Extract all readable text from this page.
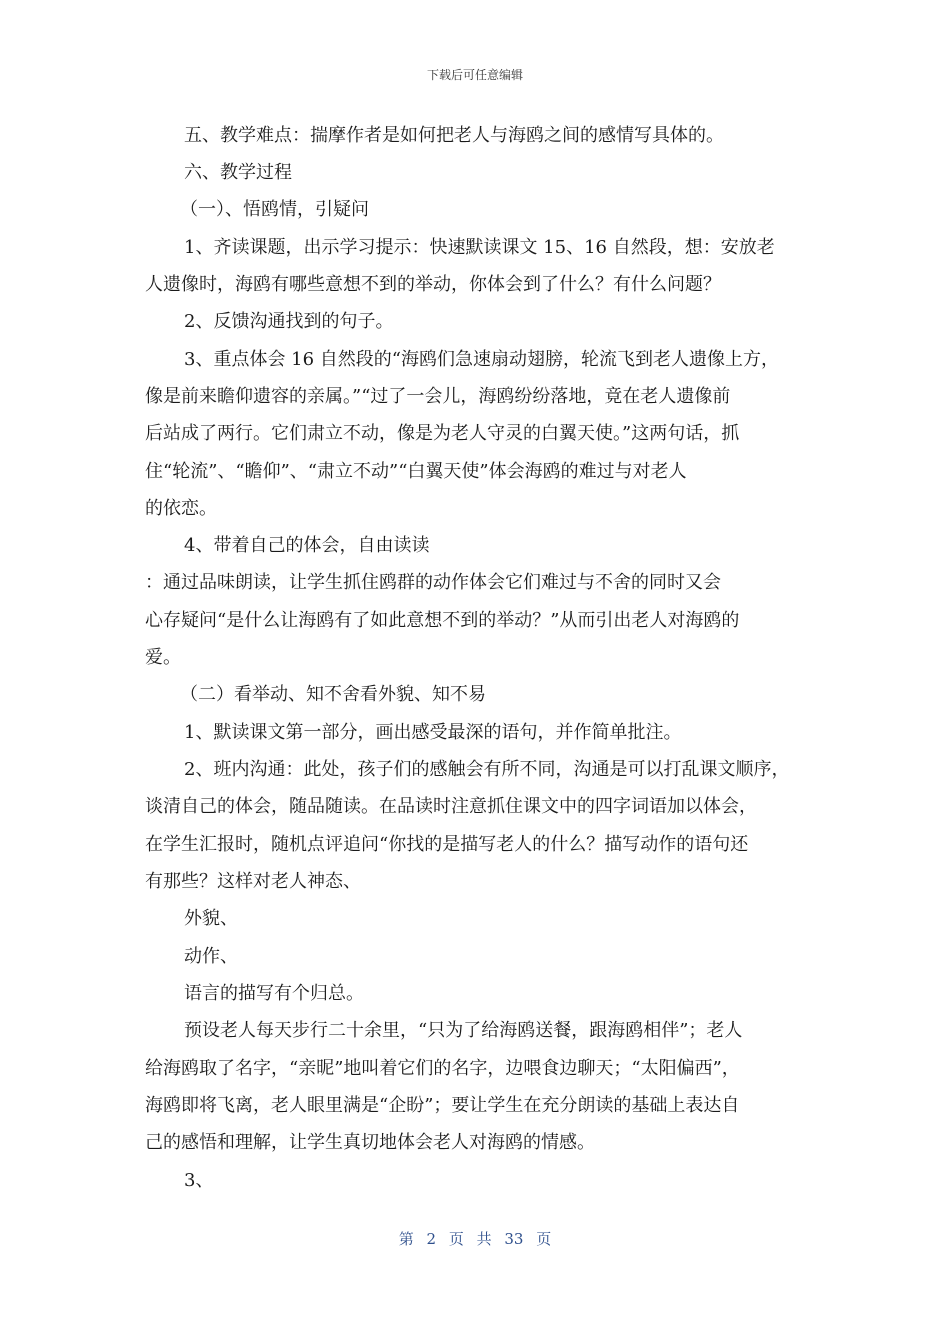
下载后可任意编辑
五、教学难点：揣摩作者是如何把老人与海鸥之间的感情写具体的。
六、教学过程
（一）、悟鸥情，引疑问
1、齐读课题，出示学习提示：快速默读课文 15、16 自然段，想：安放老
人遗像时，海鸥有哪些意想不到的举动，你体会到了什么？有什么问题？
2、反馈沟通找到的句子。
3、重点体会 16 自然段的“海鸥们急速扇动翅膀，轮流飞到老人遗像上方，
像是前来瞻仰遗容的亲属。”“过了一会儿，海鸥纷纷落地，竟在老人遗像前
后站成了两行。它们肃立不动，像是为老人守灵的白翼天使。”这两句话，抓
住“轮流”、“瞻仰”、“肃立不动”“白翼天使”体会海鸥的难过与对老人
的依恋。
4、带着自己的体会，自由读读
：通过品味朗读，让学生抓住鸥群的动作体会它们难过与不舍的同时又会
心存疑问“是什么让海鸥有了如此意想不到的举动？”从而引出老人对海鸥的
爱。
（二）看举动、知不舍看外貌、知不易
1、默读课文第一部分，画出感受最深的语句，并作简单批注。
2、班内沟通：此处，孩子们的感触会有所不同，沟通是可以打乱课文顺序，
谈清自己的体会，随品随读。在品读时注意抓住课文中的四字词语加以体会，
在学生汇报时，随机点评追问“你找的是描写老人的什么？描写动作的语句还
有那些？这样对老人神态、
外貌、
动作、
语言的描写有个归总。
预设老人每天步行二十余里，“只为了给海鸥送餐，跟海鸥相伴”；老人
给海鸥取了名字，“亲昵”地叫着它们的名字，边喂食边聊天；“太阳偏西”，
海鸥即将飞离，老人眼里满是“企盼”；要让学生在充分朗读的基础上表达自
己的感悟和理解，让学生真切地体会老人对海鸥的情感。
3、
第 2 页 共 33 页
